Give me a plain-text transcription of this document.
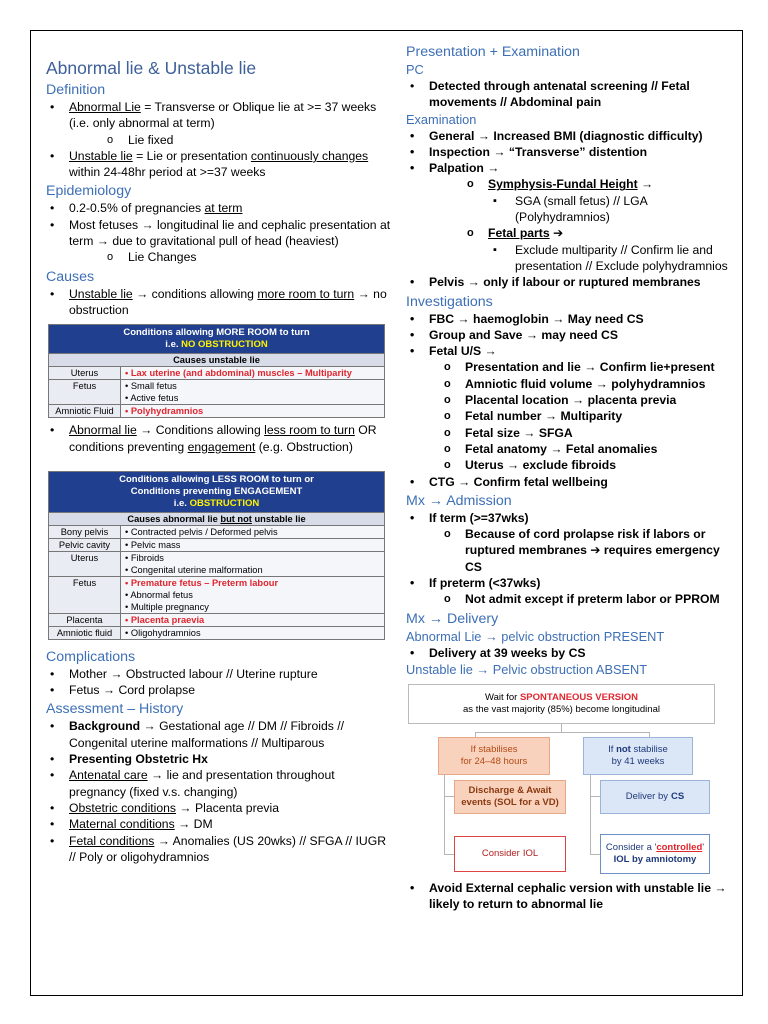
Abnormal lie & Unstable lie
Definition
• Abnormal Lie = Transverse or Oblique lie at >= 37 weeks (i.e. only abnormal at term)
o Lie fixed
• Unstable lie = Lie or presentation continuously changes within 24-48hr period at >=37 weeks
Epidemiology
• 0.2-0.5% of pregnancies at term
• Most fetuses → longitudinal lie and cephalic presentation at term → due to gravitational pull of head (heaviest)
o Lie Changes
Causes
• Unstable lie → conditions allowing more room to turn → no obstruction
Conditions allowing MORE ROOM to turn
i.e. NO OBSTRUCTION	

Causes unstable lie	
Uterus	• Lax uterine (and abdominal) muscles – Multiparity

Fetus	• Small fetus
• Active fetus

Amniotic Fluid	• Polyhydramnios
• Abnormal lie → Conditions allowing less room to turn OR conditions preventing engagement (e.g. Obstruction)
Conditions allowing LESS ROOM to turn or
Conditions preventing ENGAGEMENT
i.e. OBSTRUCTION	

Causes abnormal lie but not unstable lie	
Bony pelvis	• Contracted pelvis / Deformed pelvis

Pelvic cavity	• Pelvic mass

Uterus	• Fibroids
• Congenital uterine malformation

Fetus	• Premature fetus – Preterm labour
• Abnormal fetus
• Multiple pregnancy

Placenta	• Placenta praevia

Amniotic fluid	• Oligohydramnios
Complications
• Mother → Obstructed labour // Uterine rupture
• Fetus → Cord prolapse
Assessment – History
• Background → Gestational age // DM // Fibroids // Congenital uterine malformations // Multiparous
• Presenting Obstetric Hx
• Antenatal care → lie and presentation throughout pregnancy (fixed v.s. changing)
• Obstetric conditions → Placenta previa
• Maternal conditions → DM
• Fetal conditions → Anomalies (US 20wks) // SFGA // IUGR // Poly or oligohydramnios
Presentation + Examination
PC
• Detected through antenatal screening // Fetal movements // Abdominal pain
Examination
• General → Increased BMI (diagnostic difficulty)
• Inspection → “Transverse” distention
• Palpation →
o Symphysis-Fundal Height →
▪ SGA (small fetus) // LGA (Polyhydramnios)
o Fetal parts ➔
▪ Exclude multiparity // Confirm lie and presentation // Exclude polyhydramnios
• Pelvis → only if labour or ruptured membranes
Investigations
• FBC → haemoglobin → May need CS
• Group and Save → may need CS
• Fetal U/S →
o Presentation and lie → Confirm lie+present
o Amniotic fluid volume → polyhydramnios
o Placental location → placenta previa
o Fetal number → Multiparity
o Fetal size → SFGA
o Fetal anatomy → Fetal anomalies
o Uterus → exclude fibroids
• CTG → Confirm fetal wellbeing
Mx → Admission
• If term (>=37wks)
o Because of cord prolapse risk if labors or ruptured membranes ➔ requires emergency CS
• If preterm (<37wks)
o Not admit except if preterm labor or PPROM
Mx → Delivery
Abnormal Lie → pelvic obstruction PRESENT
• Delivery at 39 weeks by CS
Unstable lie → Pelvic obstruction ABSENT
Wait for SPONTANEOUS VERSION
as the vast majority (85%) become longitudinal
If stabilises
for 24–48 hours
If not stabilise
by 41 weeks
Discharge & Await events (SOL for a VD)
Deliver by CS
Consider IOL
Consider a 'controlled'
IOL by amniotomy
• Avoid External cephalic version with unstable lie → likely to return to abnormal lie
